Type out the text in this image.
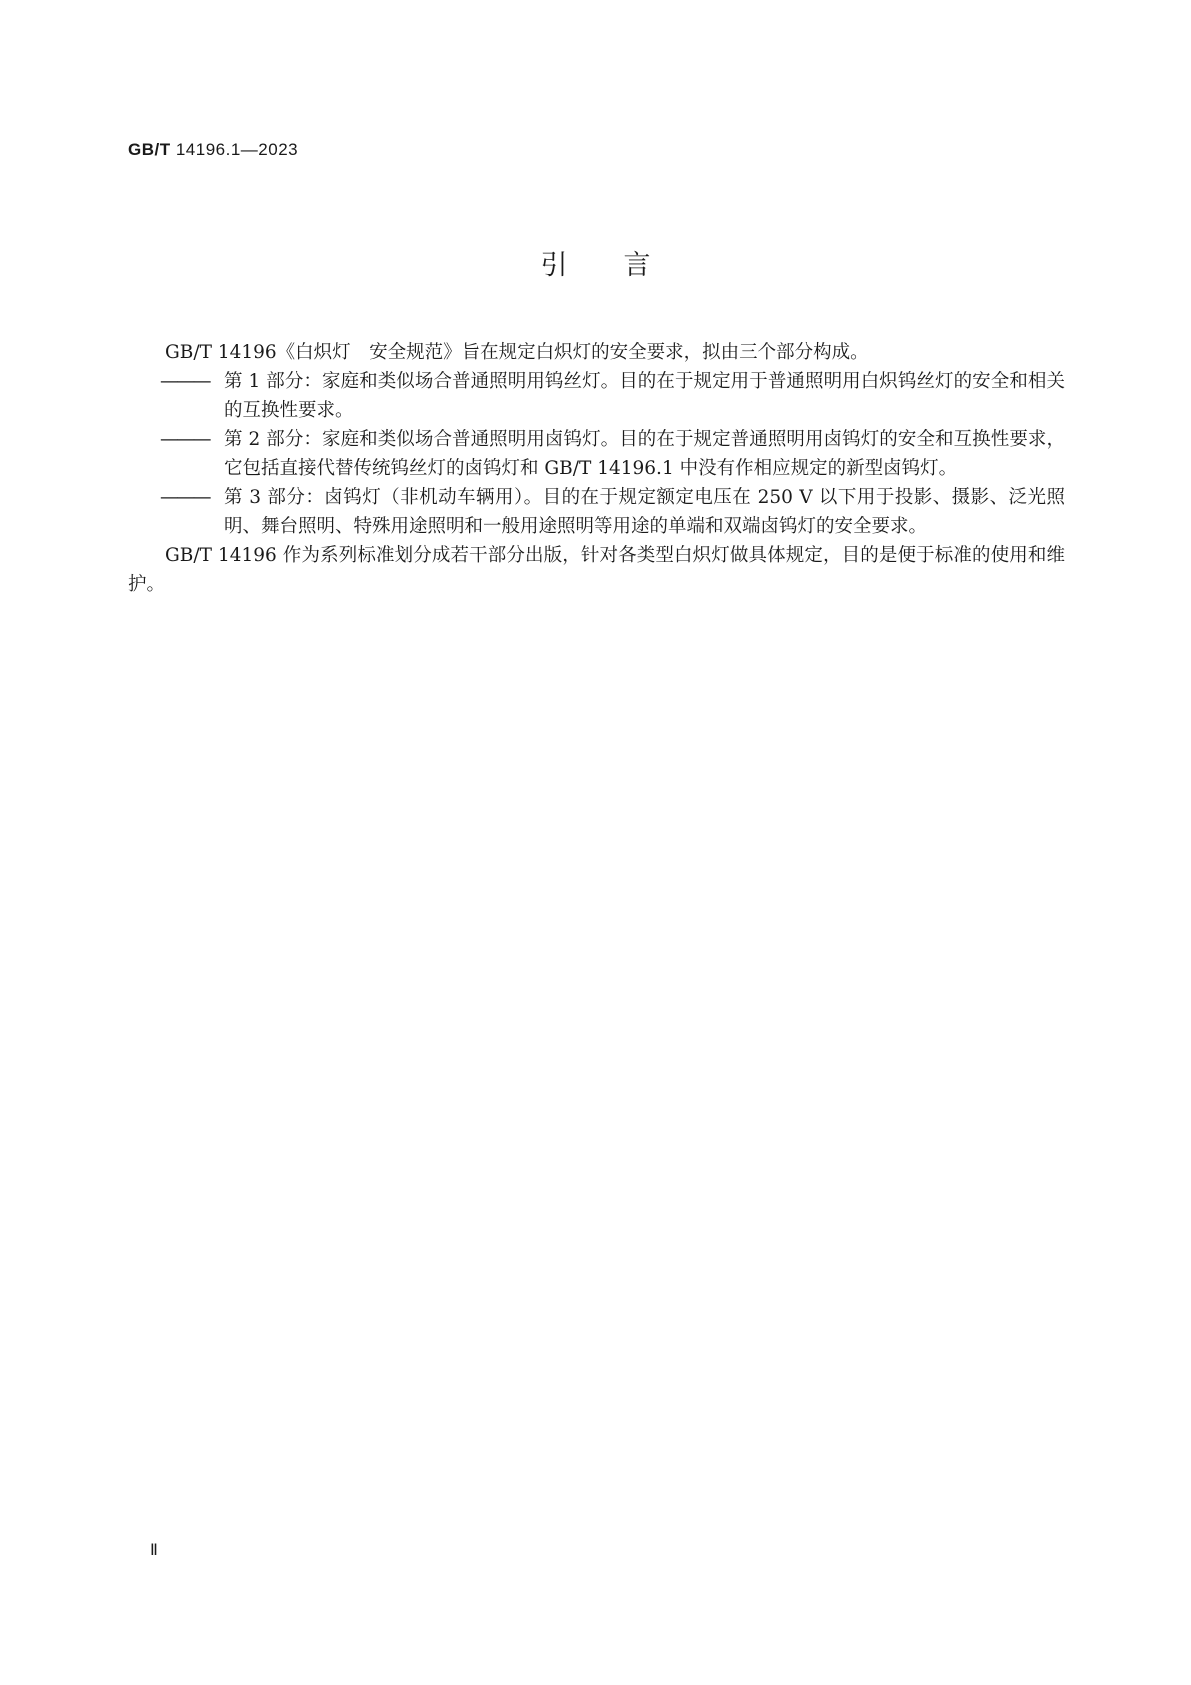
GB/T 14196.1—2023
引言

GB/T 14196《白炽灯　安全规范》旨在规定白炽灯的安全要求，拟由三个部分构成。

——— 第 1 部分：家庭和类似场合普通照明用钨丝灯。目的在于规定用于普通照明用白炽钨丝灯的安全和相关的互换性要求。
——— 第 2 部分：家庭和类似场合普通照明用卤钨灯。目的在于规定普通照明用卤钨灯的安全和互换性要求，它包括直接代替传统钨丝灯的卤钨灯和 GB/T 14196.1 中没有作相应规定的新型卤钨灯。
——— 第 3 部分：卤钨灯（非机动车辆用）。目的在于规定额定电压在 250 V 以下用于投影、摄影、泛光照明、舞台照明、特殊用途照明和一般用途照明等用途的单端和双端卤钨灯的安全要求。

GB/T 14196 作为系列标准划分成若干部分出版，针对各类型白炽灯做具体规定，目的是便于标准的使用和维护。

Ⅱ
